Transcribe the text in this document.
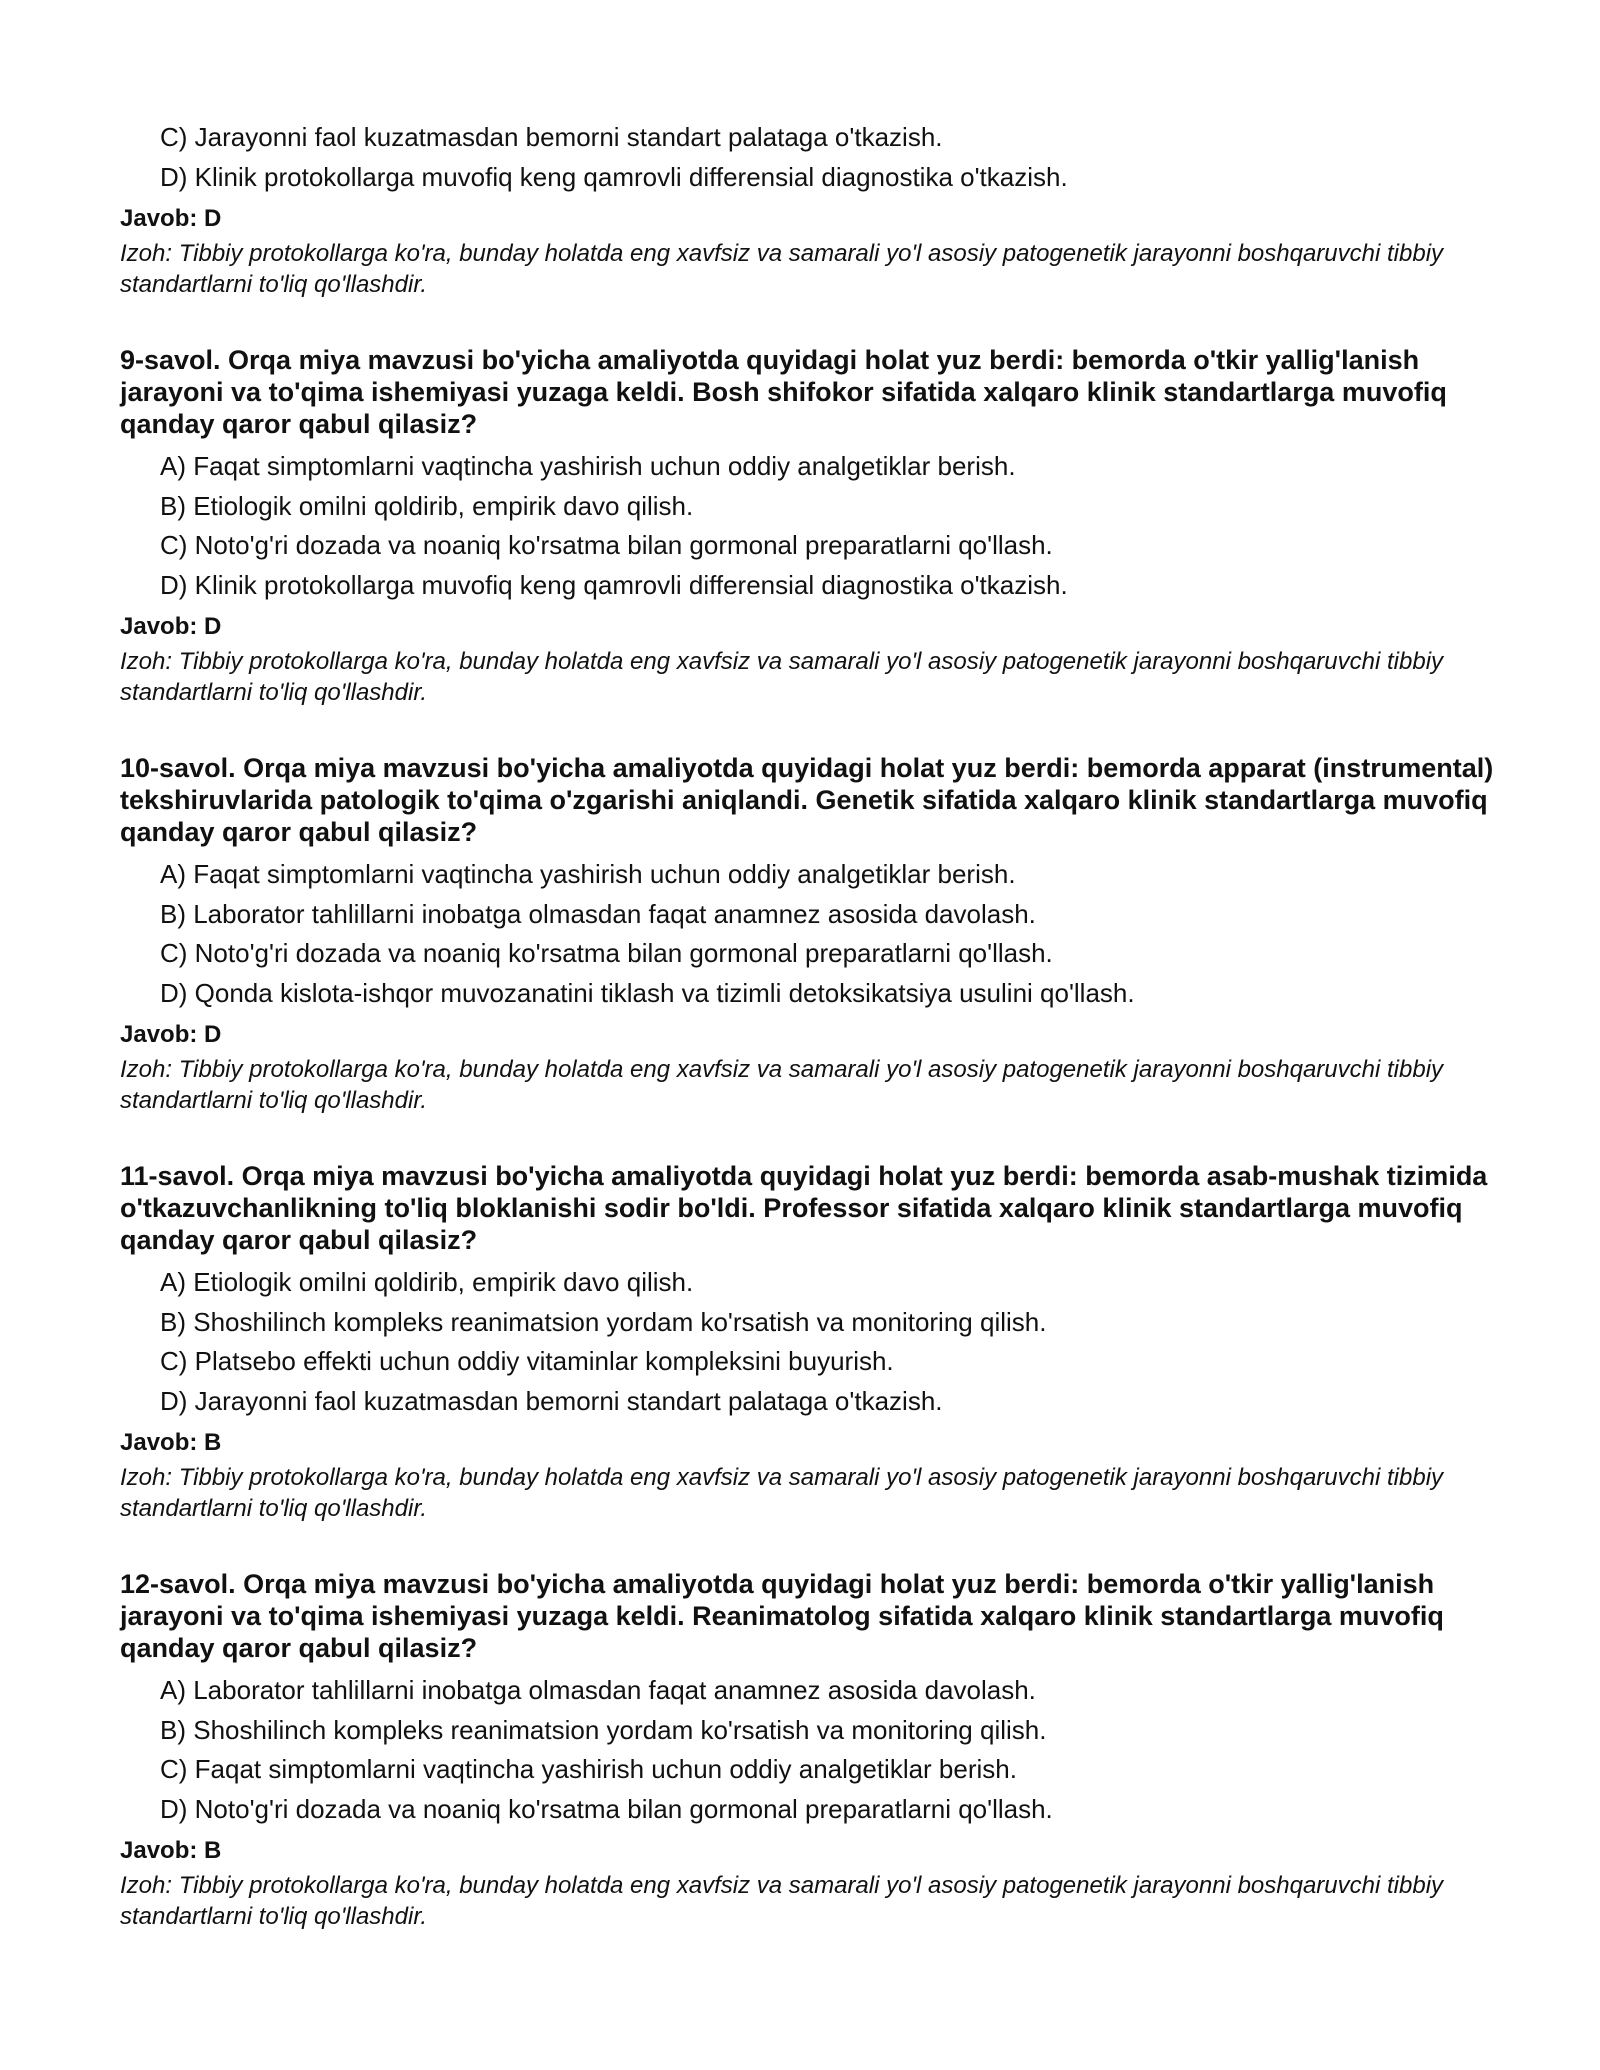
C) Jarayonni faol kuzatmasdan bemorni standart palataga o'tkazish.
D) Klinik protokollarga muvofiq keng qamrovli differensial diagnostika o'tkazish.
Javob: D
Izoh: Tibbiy protokollarga ko'ra, bunday holatda eng xavfsiz va samarali yo'l asosiy patogenetik jarayonni boshqaruvchi tibbiy standartlarni to'liq qo'llashdir.
9-savol. Orqa miya mavzusi bo'yicha amaliyotda quyidagi holat yuz berdi: bemorda o'tkir yallig'lanish jarayoni va to'qima ishemiyasi yuzaga keldi. Bosh shifokor sifatida xalqaro klinik standartlarga muvofiq qanday qaror qabul qilasiz?
A) Faqat simptomlarni vaqtincha yashirish uchun oddiy analgetiklar berish.
B) Etiologik omilni qoldirib, empirik davo qilish.
C) Noto'g'ri dozada va noaniq ko'rsatma bilan gormonal preparatlarni qo'llash.
D) Klinik protokollarga muvofiq keng qamrovli differensial diagnostika o'tkazish.
Javob: D
Izoh: Tibbiy protokollarga ko'ra, bunday holatda eng xavfsiz va samarali yo'l asosiy patogenetik jarayonni boshqaruvchi tibbiy standartlarni to'liq qo'llashdir.
10-savol. Orqa miya mavzusi bo'yicha amaliyotda quyidagi holat yuz berdi: bemorda apparat (instrumental) tekshiruvlarida patologik to'qima o'zgarishi aniqlandi. Genetik sifatida xalqaro klinik standartlarga muvofiq qanday qaror qabul qilasiz?
A) Faqat simptomlarni vaqtincha yashirish uchun oddiy analgetiklar berish.
B) Laborator tahlillarni inobatga olmasdan faqat anamnez asosida davolash.
C) Noto'g'ri dozada va noaniq ko'rsatma bilan gormonal preparatlarni qo'llash.
D) Qonda kislota-ishqor muvozanatini tiklash va tizimli detoksikatsiya usulini qo'llash.
Javob: D
Izoh: Tibbiy protokollarga ko'ra, bunday holatda eng xavfsiz va samarali yo'l asosiy patogenetik jarayonni boshqaruvchi tibbiy standartlarni to'liq qo'llashdir.
11-savol. Orqa miya mavzusi bo'yicha amaliyotda quyidagi holat yuz berdi: bemorda asab-mushak tizimida o'tkazuvchanlikning to'liq bloklanishi sodir bo'ldi. Professor sifatida xalqaro klinik standartlarga muvofiq qanday qaror qabul qilasiz?
A) Etiologik omilni qoldirib, empirik davo qilish.
B) Shoshilinch kompleks reanimatsion yordam ko'rsatish va monitoring qilish.
C) Platsebo effekti uchun oddiy vitaminlar kompleksini buyurish.
D) Jarayonni faol kuzatmasdan bemorni standart palataga o'tkazish.
Javob: B
Izoh: Tibbiy protokollarga ko'ra, bunday holatda eng xavfsiz va samarali yo'l asosiy patogenetik jarayonni boshqaruvchi tibbiy standartlarni to'liq qo'llashdir.
12-savol. Orqa miya mavzusi bo'yicha amaliyotda quyidagi holat yuz berdi: bemorda o'tkir yallig'lanish jarayoni va to'qima ishemiyasi yuzaga keldi. Reanimatolog sifatida xalqaro klinik standartlarga muvofiq qanday qaror qabul qilasiz?
A) Laborator tahlillarni inobatga olmasdan faqat anamnez asosida davolash.
B) Shoshilinch kompleks reanimatsion yordam ko'rsatish va monitoring qilish.
C) Faqat simptomlarni vaqtincha yashirish uchun oddiy analgetiklar berish.
D) Noto'g'ri dozada va noaniq ko'rsatma bilan gormonal preparatlarni qo'llash.
Javob: B
Izoh: Tibbiy protokollarga ko'ra, bunday holatda eng xavfsiz va samarali yo'l asosiy patogenetik jarayonni boshqaruvchi tibbiy standartlarni to'liq qo'llashdir.
